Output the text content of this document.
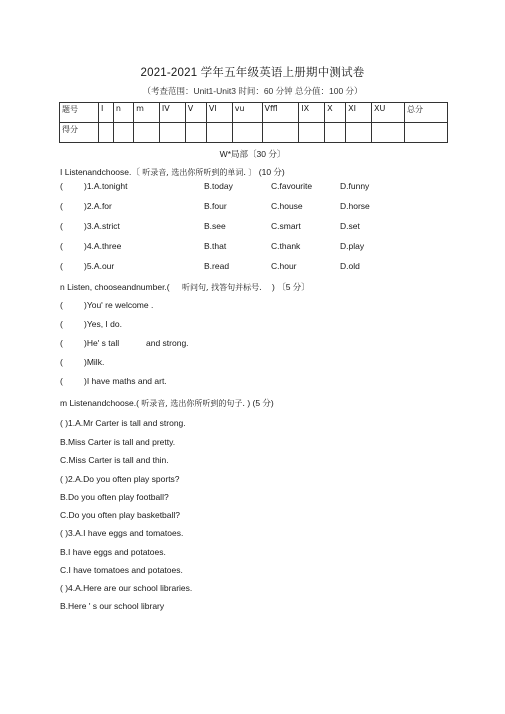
2021-2021 学年五年级英语上册期中测试卷
（考查范围：Unit1-Unit3 时间：60 分钟 总分值：100 分）
题号	I	n	m	IV	V	VI	vu	Vffl	IX	X	XI	XU	总分
得分													
W*局部〔30 分〕
I Listenandchoose.〔 听录音, 选出你所听到的单词. 〕 (10 分)
( )1.A.tonight	B.today	C.favourite	D.funny
( )2.A.for	B.four	C.house	D.horse
( )3.A.strict	B.see	C.smart	D.set
( )4.A.three	B.that	C.thank	D.play
( )5.A.our	B.read	C.hour	D.old
n Listen, chooseandnumber.( 听问句, 找答句并标号. ) 〔5 分〕
( )You' re welcome .
( )Yes, I do.
( )He' s tall	and strong.
( )Milk.
( )I have maths and art.
m Listenandchoose.( 听录音, 选出你所听到的句子. ) (5 分)
( )1.A.Mr Carter is tall and strong.
B.Miss Carter is tall and pretty.
C.Miss Carter is tall and thin.
( )2.A.Do you often play sports?
B.Do you often play football?
C.Do you often play basketball?
( )3.A.I have eggs and tomatoes.
B.I have eggs and potatoes.
C.I have tomatoes and potatoes.
( )4.A.Here are our school libraries.
B.Here ' s our school library
